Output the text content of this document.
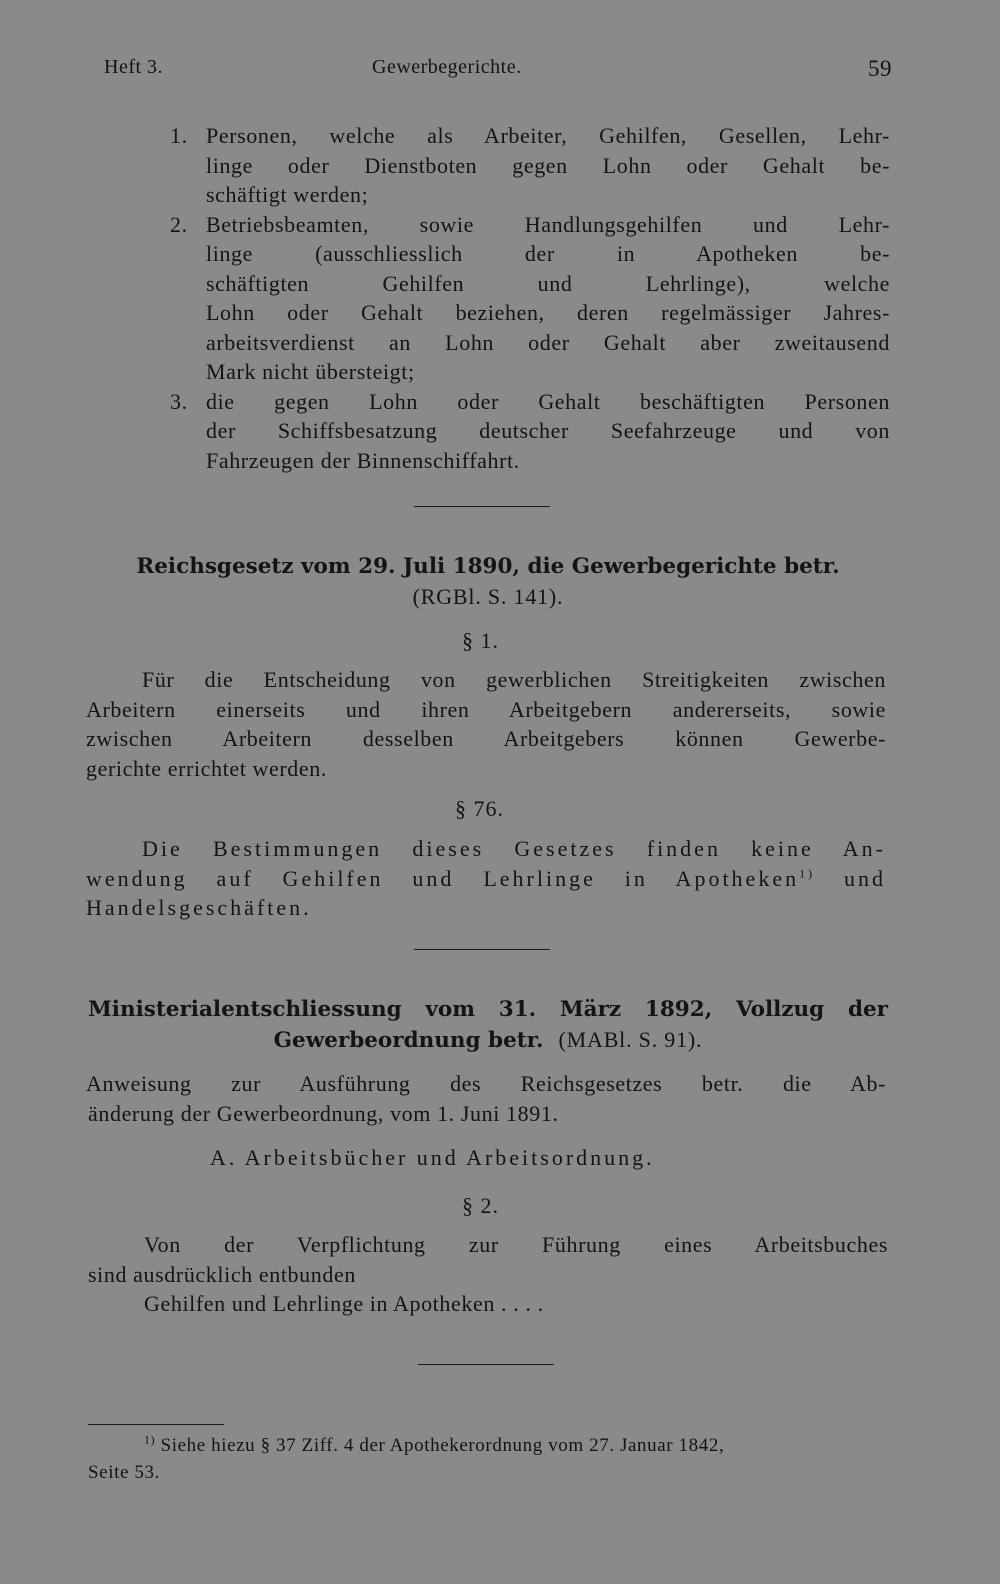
Heft 3.	Gewerbegerichte.	59
1. Personen, welche als Arbeiter, Gehilfen, Gesellen, Lehr-
linge oder Dienstboten gegen Lohn oder Gehalt be-
schäftigt werden;
2. Betriebsbeamten, sowie Handlungsgehilfen und Lehr-
linge (ausschliesslich der in Apotheken be-
schäftigten Gehilfen und Lehrlinge), welche
Lohn oder Gehalt beziehen, deren regelmässiger Jahres-
arbeitsverdienst an Lohn oder Gehalt aber zweitausend
Mark nicht übersteigt;
3. die gegen Lohn oder Gehalt beschäftigten Personen
der Schiffsbesatzung deutscher Seefahrzeuge und von
Fahrzeugen der Binnenschiffahrt.
Reichsgesetz vom 29. Juli 1890, die Gewerbegerichte betr.
(RGBl. S. 141).
§ 1.
Für die Entscheidung von gewerblichen Streitigkeiten zwischen
Arbeitern einerseits und ihren Arbeitgebern andererseits, sowie
zwischen Arbeitern desselben Arbeitgebers können Gewerbe-
gerichte errichtet werden.
§ 76.
Die Bestimmungen dieses Gesetzes finden keine An-
wendung auf Gehilfen und Lehrlinge in Apotheken$^{1)}$ und
Handelsgeschäften.
Ministerialentschliessung vom 31. März 1892, Vollzug der
Gewerbeordnung betr. (MABl. S. 91).
Anweisung zur Ausführung des Reichsgesetzes betr. die Ab-
änderung der Gewerbeordnung, vom 1. Juni 1891.
A. Arbeitsbücher und Arbeitsordnung.
§ 2.
Von der Verpflichtung zur Führung eines Arbeitsbuches
sind ausdrücklich entbunden
Gehilfen und Lehrlinge in Apotheken . . . .
$^{1)}$ Siehe hiezu § 37 Ziff. 4 der Apothekerordnung vom 27. Januar 1842,
Seite 53.
